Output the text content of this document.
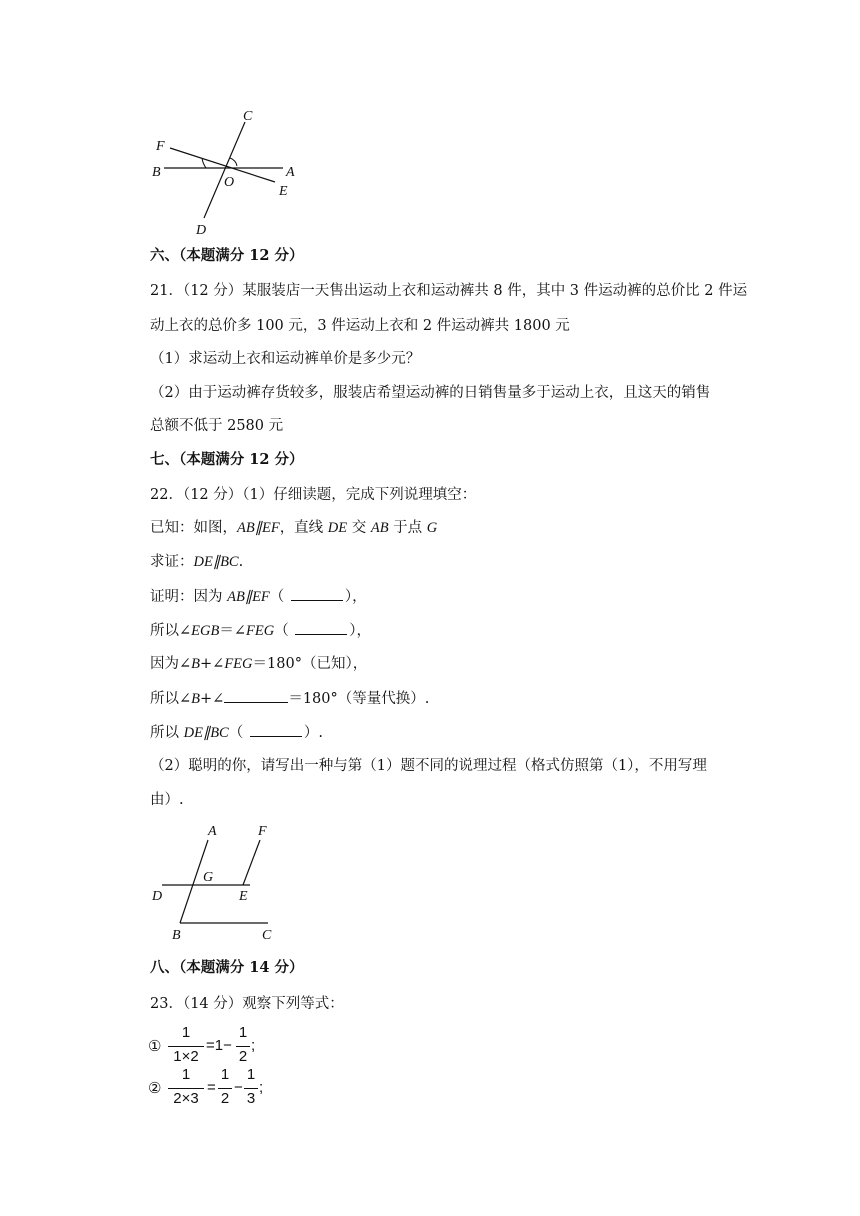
C
F
B
O
A
E
D
六、（本题满分 12 分）
21．（12 分）某服装店一天售出运动上衣和运动裤共 8 件，其中 3 件运动裤的总价比 2 件运
动上衣的总价多 100 元，3 件运动上衣和 2 件运动裤共 1800 元
（1）求运动上衣和运动裤单价是多少元？
（2）由于运动裤存货较多，服装店希望运动裤的日销售量多于运动上衣，且这天的销售
总额不低于 2580 元
七、（本题满分 12 分）
22．（12 分）（1）仔细读题，完成下列说理填空：
已知：如图，AB∥EF，直线 DE 交 AB 于点 G
求证：DE∥BC.
证明：因为 AB∥EF（	），
所以∠EGB＝∠FEG（	），
因为∠B+∠FEG＝180°（已知），
所以∠B+∠	＝180°（等量代换）.
所以 DE∥BC（	）.
（2）聪明的你，请写出一种与第（1）题不同的说理过程（格式仿照第（1），不用写理
由）.
A	F
G
D	E
B	C
八、（本题满分 14 分）
23．（14 分）观察下列等式：
①
1
1×2
=1−
1
2
;
②
1
2×3
=
1
2
−
1
3
;
